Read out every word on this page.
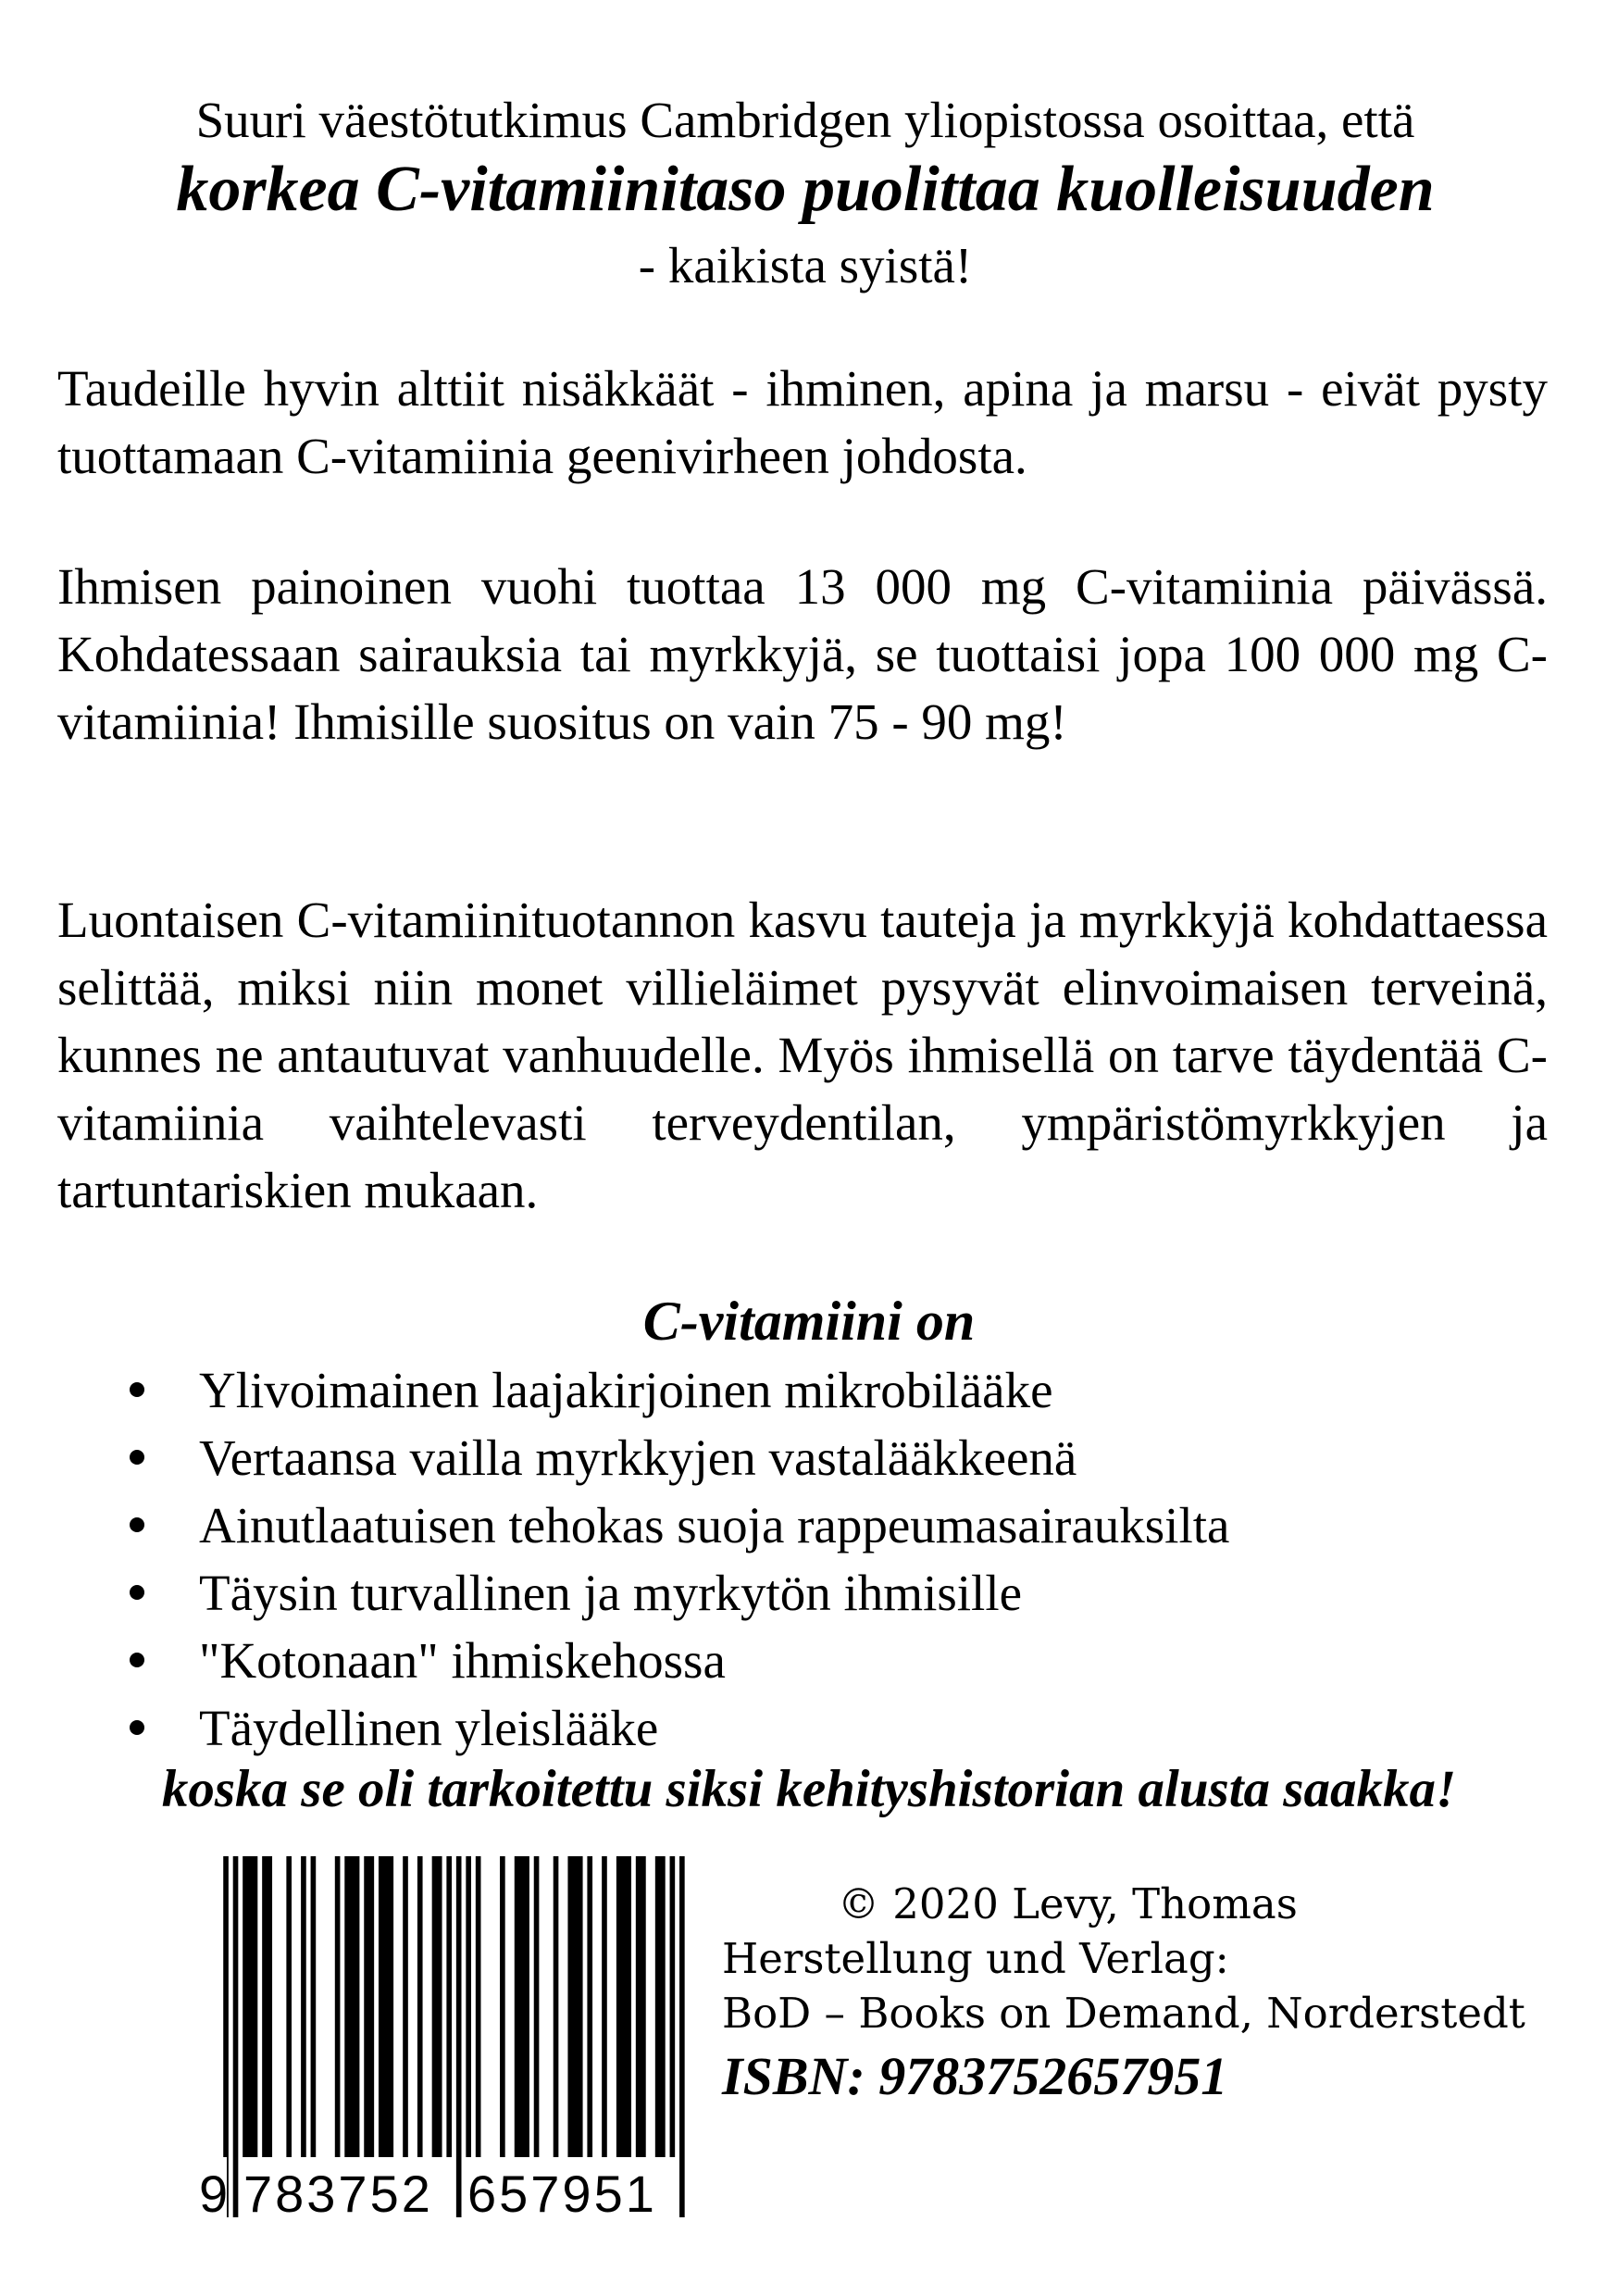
Suuri väestötutkimus Cambridgen yliopistossa osoittaa, että
korkea C-vitamiinitaso puolittaa kuolleisuuden
- kaikista syistä!

Taudeille hyvin alttiit nisäkkäät - ihminen, apina ja marsu - eivät pysty tuottamaan C-vitamiinia geenivirheen johdosta.

Ihmisen painoinen vuohi tuottaa 13 000 mg C-vitamiinia päivässä. Kohdatessaan sairauksia tai myrkkyjä, se tuottaisi jopa 100 000 mg C-vitamiinia! Ihmisille suositus on vain 75 - 90 mg!

Luontaisen C-vitamiinituotannon kasvu tauteja ja myrkkyjä kohdattaessa selittää, miksi niin monet villieläimet pysyvät elinvoimaisen terveinä, kunnes ne antautuvat vanhuudelle. Myös ihmisellä on tarve täydentää C-vitamiinia vaihtelevasti terveydentilan, ympäristömyrkkyjen ja tartuntariskien mukaan.

C-vitamiini on
Ylivoimainen laajakirjoinen mikrobilääke
Vertaansa vailla myrkkyjen vastalääkkeenä
Ainutlaatuisen tehokas suoja rappeumasairauksilta
Täysin turvallinen ja myrkytön ihmisille
"Kotonaan" ihmiskehossa
Täydellinen yleislääke
koska se oli tarkoitettu siksi kehityshistorian alusta saakka!
9 783752 657951
© 2020 Levy, Thomas
Herstellung und Verlag:
BoD – Books on Demand, Norderstedt
ISBN: 9783752657951
